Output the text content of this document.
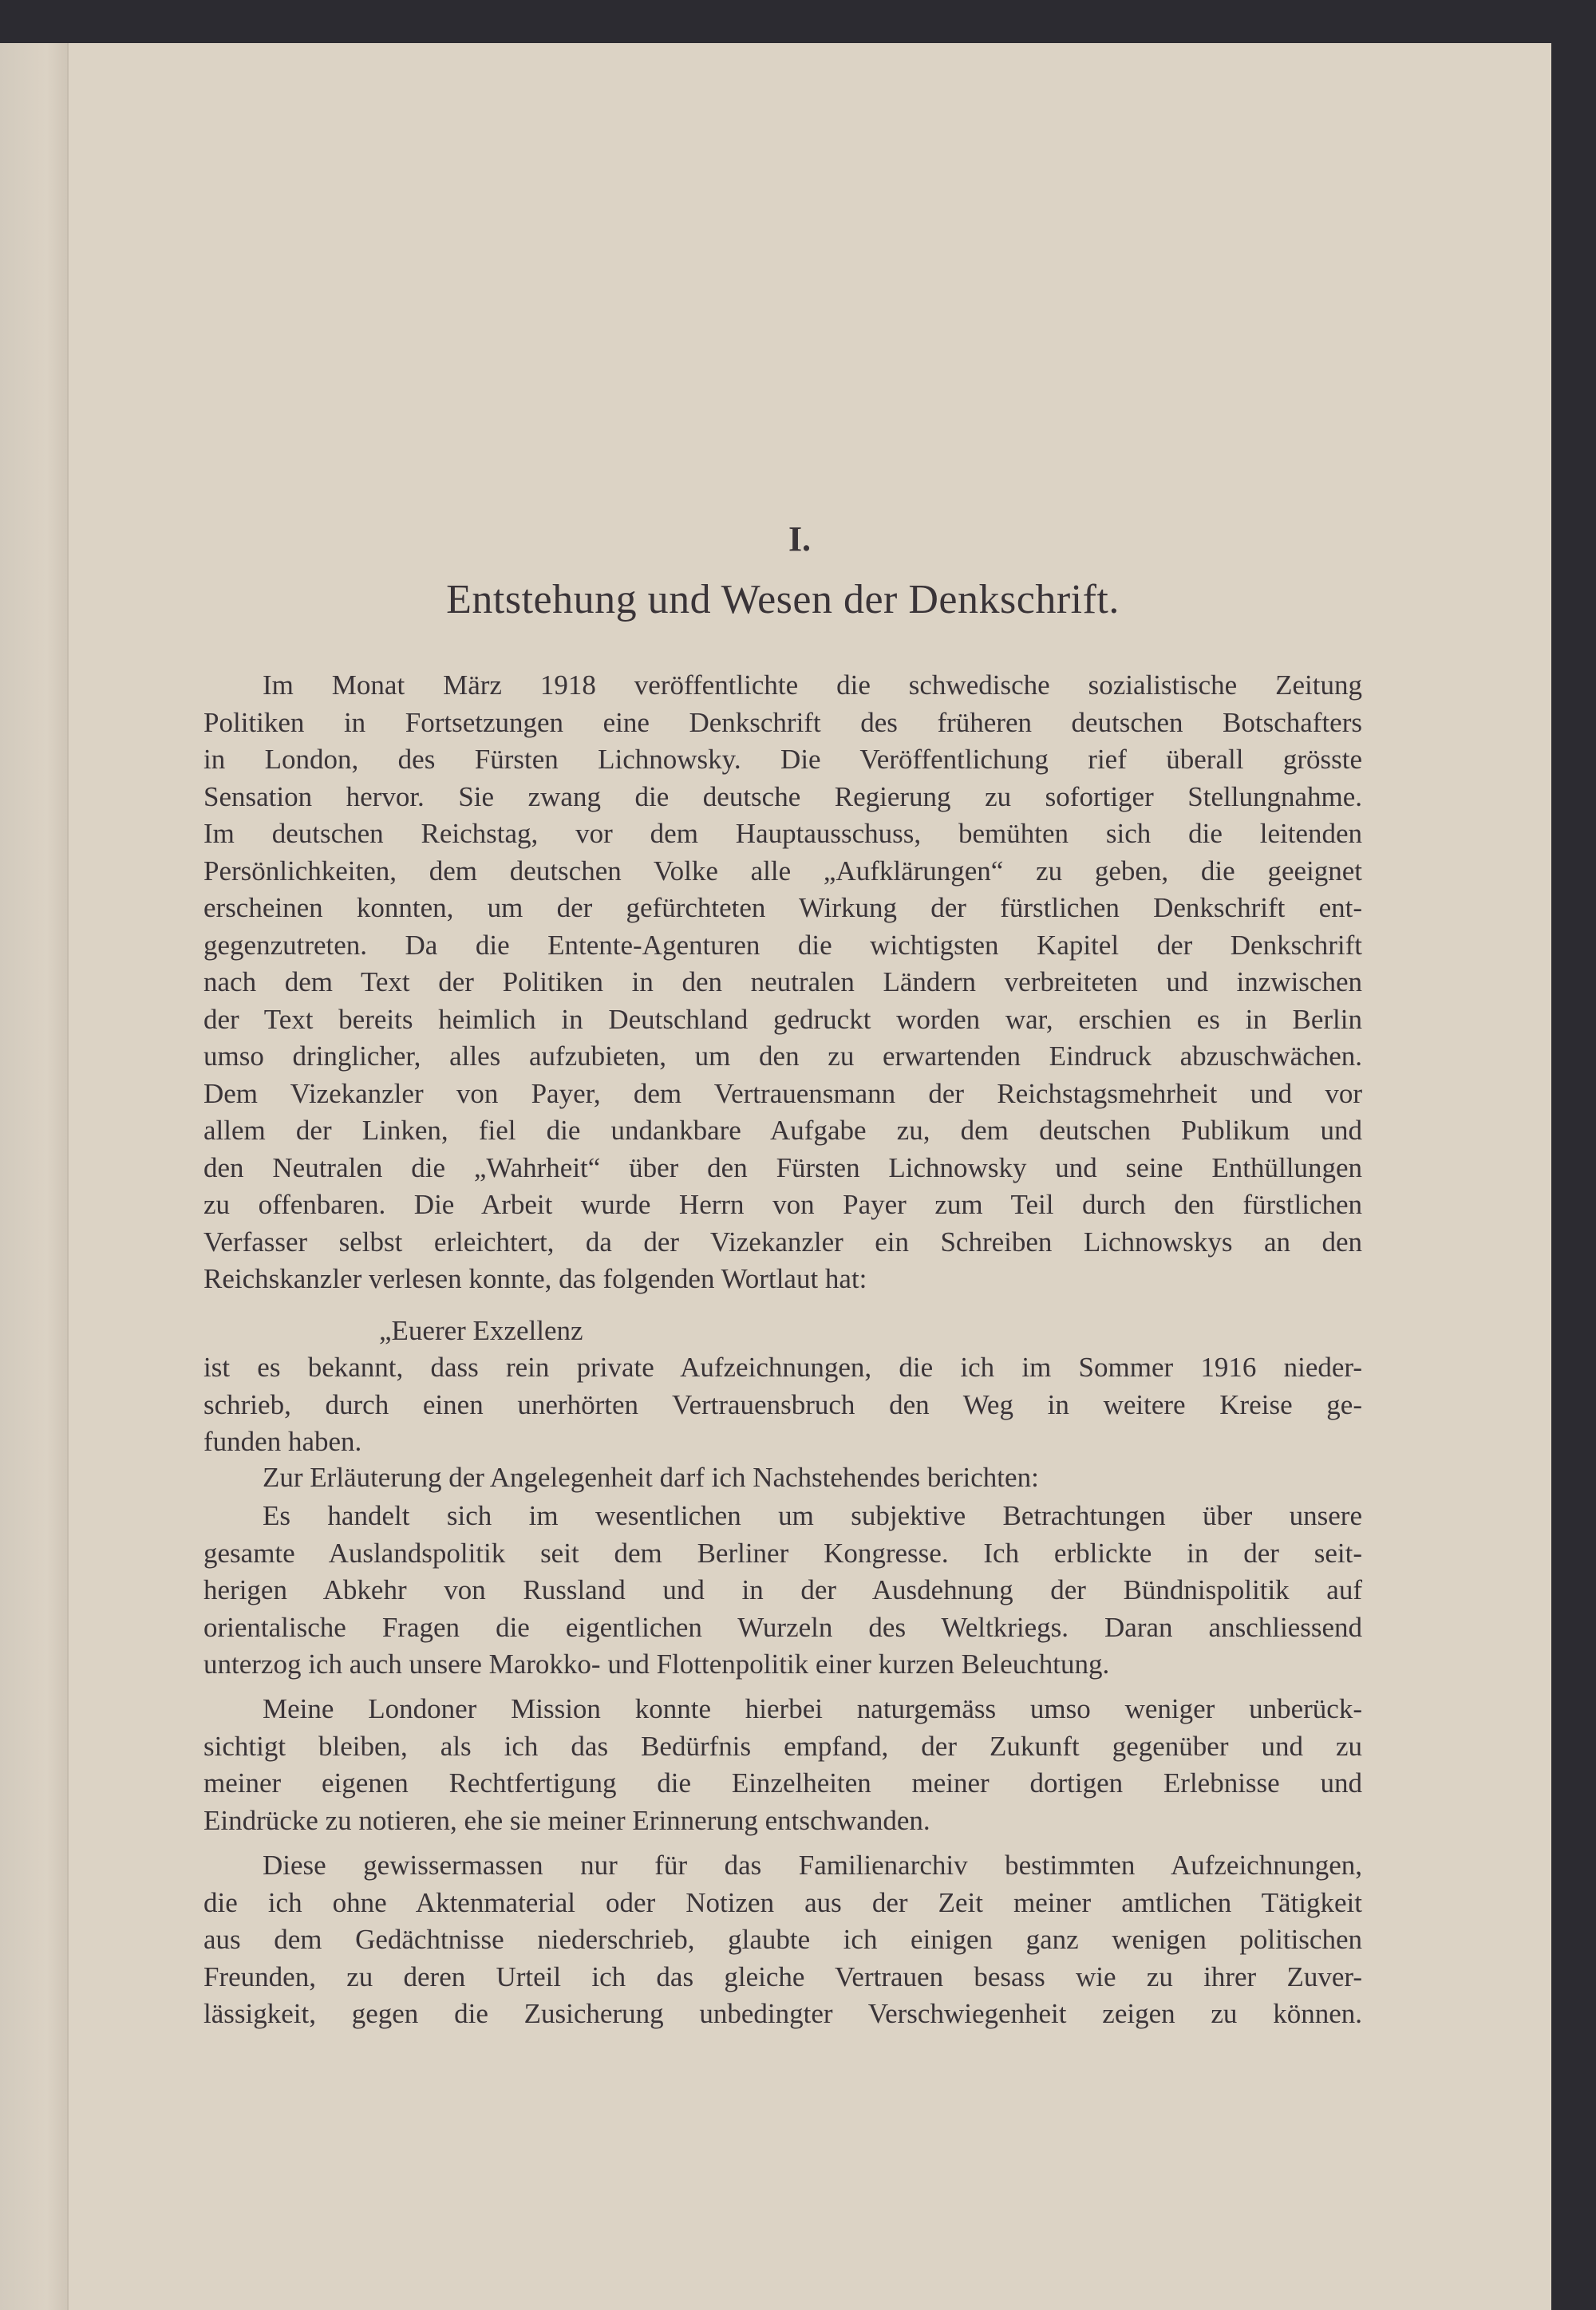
I.
Entstehung und Wesen der Denkschrift.
Im Monat März 1918 veröffentlichte die schwedische sozialistische Zeitung
Politiken in Fortsetzungen eine Denkschrift des früheren deutschen Botschafters
in London, des Fürsten Lichnowsky. Die Veröffentlichung rief überall grösste
Sensation hervor. Sie zwang die deutsche Regierung zu sofortiger Stellungnahme.
Im deutschen Reichstag, vor dem Hauptausschuss, bemühten sich die leitenden
Persönlichkeiten, dem deutschen Volke alle „Aufklärungen“ zu geben, die geeignet
erscheinen konnten, um der gefürchteten Wirkung der fürstlichen Denkschrift ent-
gegenzutreten. Da die Entente-Agenturen die wichtigsten Kapitel der Denkschrift
nach dem Text der Politiken in den neutralen Ländern verbreiteten und inzwischen
der Text bereits heimlich in Deutschland gedruckt worden war, erschien es in Berlin
umso dringlicher, alles aufzubieten, um den zu erwartenden Eindruck abzuschwächen.
Dem Vizekanzler von Payer, dem Vertrauensmann der Reichstagsmehrheit und vor
allem der Linken, fiel die undankbare Aufgabe zu, dem deutschen Publikum und
den Neutralen die „Wahrheit“ über den Fürsten Lichnowsky und seine Enthüllungen
zu offenbaren. Die Arbeit wurde Herrn von Payer zum Teil durch den fürstlichen
Verfasser selbst erleichtert, da der Vizekanzler ein Schreiben Lichnowskys an den
Reichskanzler verlesen konnte, das folgenden Wortlaut hat:
„Euerer Exzellenz
ist es bekannt, dass rein private Aufzeichnungen, die ich im Sommer 1916 nieder-
schrieb, durch einen unerhörten Vertrauensbruch den Weg in weitere Kreise ge-
funden haben.
Zur Erläuterung der Angelegenheit darf ich Nachstehendes berichten:
Es handelt sich im wesentlichen um subjektive Betrachtungen über unsere
gesamte Auslandspolitik seit dem Berliner Kongresse. Ich erblickte in der seit-
herigen Abkehr von Russland und in der Ausdehnung der Bündnispolitik auf
orientalische Fragen die eigentlichen Wurzeln des Weltkriegs. Daran anschliessend
unterzog ich auch unsere Marokko- und Flottenpolitik einer kurzen Beleuchtung.
Meine Londoner Mission konnte hierbei naturgemäss umso weniger unberück-
sichtigt bleiben, als ich das Bedürfnis empfand, der Zukunft gegenüber und zu
meiner eigenen Rechtfertigung die Einzelheiten meiner dortigen Erlebnisse und
Eindrücke zu notieren, ehe sie meiner Erinnerung entschwanden.
Diese gewissermassen nur für das Familienarchiv bestimmten Aufzeichnungen,
die ich ohne Aktenmaterial oder Notizen aus der Zeit meiner amtlichen Tätigkeit
aus dem Gedächtnisse niederschrieb, glaubte ich einigen ganz wenigen politischen
Freunden, zu deren Urteil ich das gleiche Vertrauen besass wie zu ihrer Zuver-
lässigkeit, gegen die Zusicherung unbedingter Verschwiegenheit zeigen zu können.
